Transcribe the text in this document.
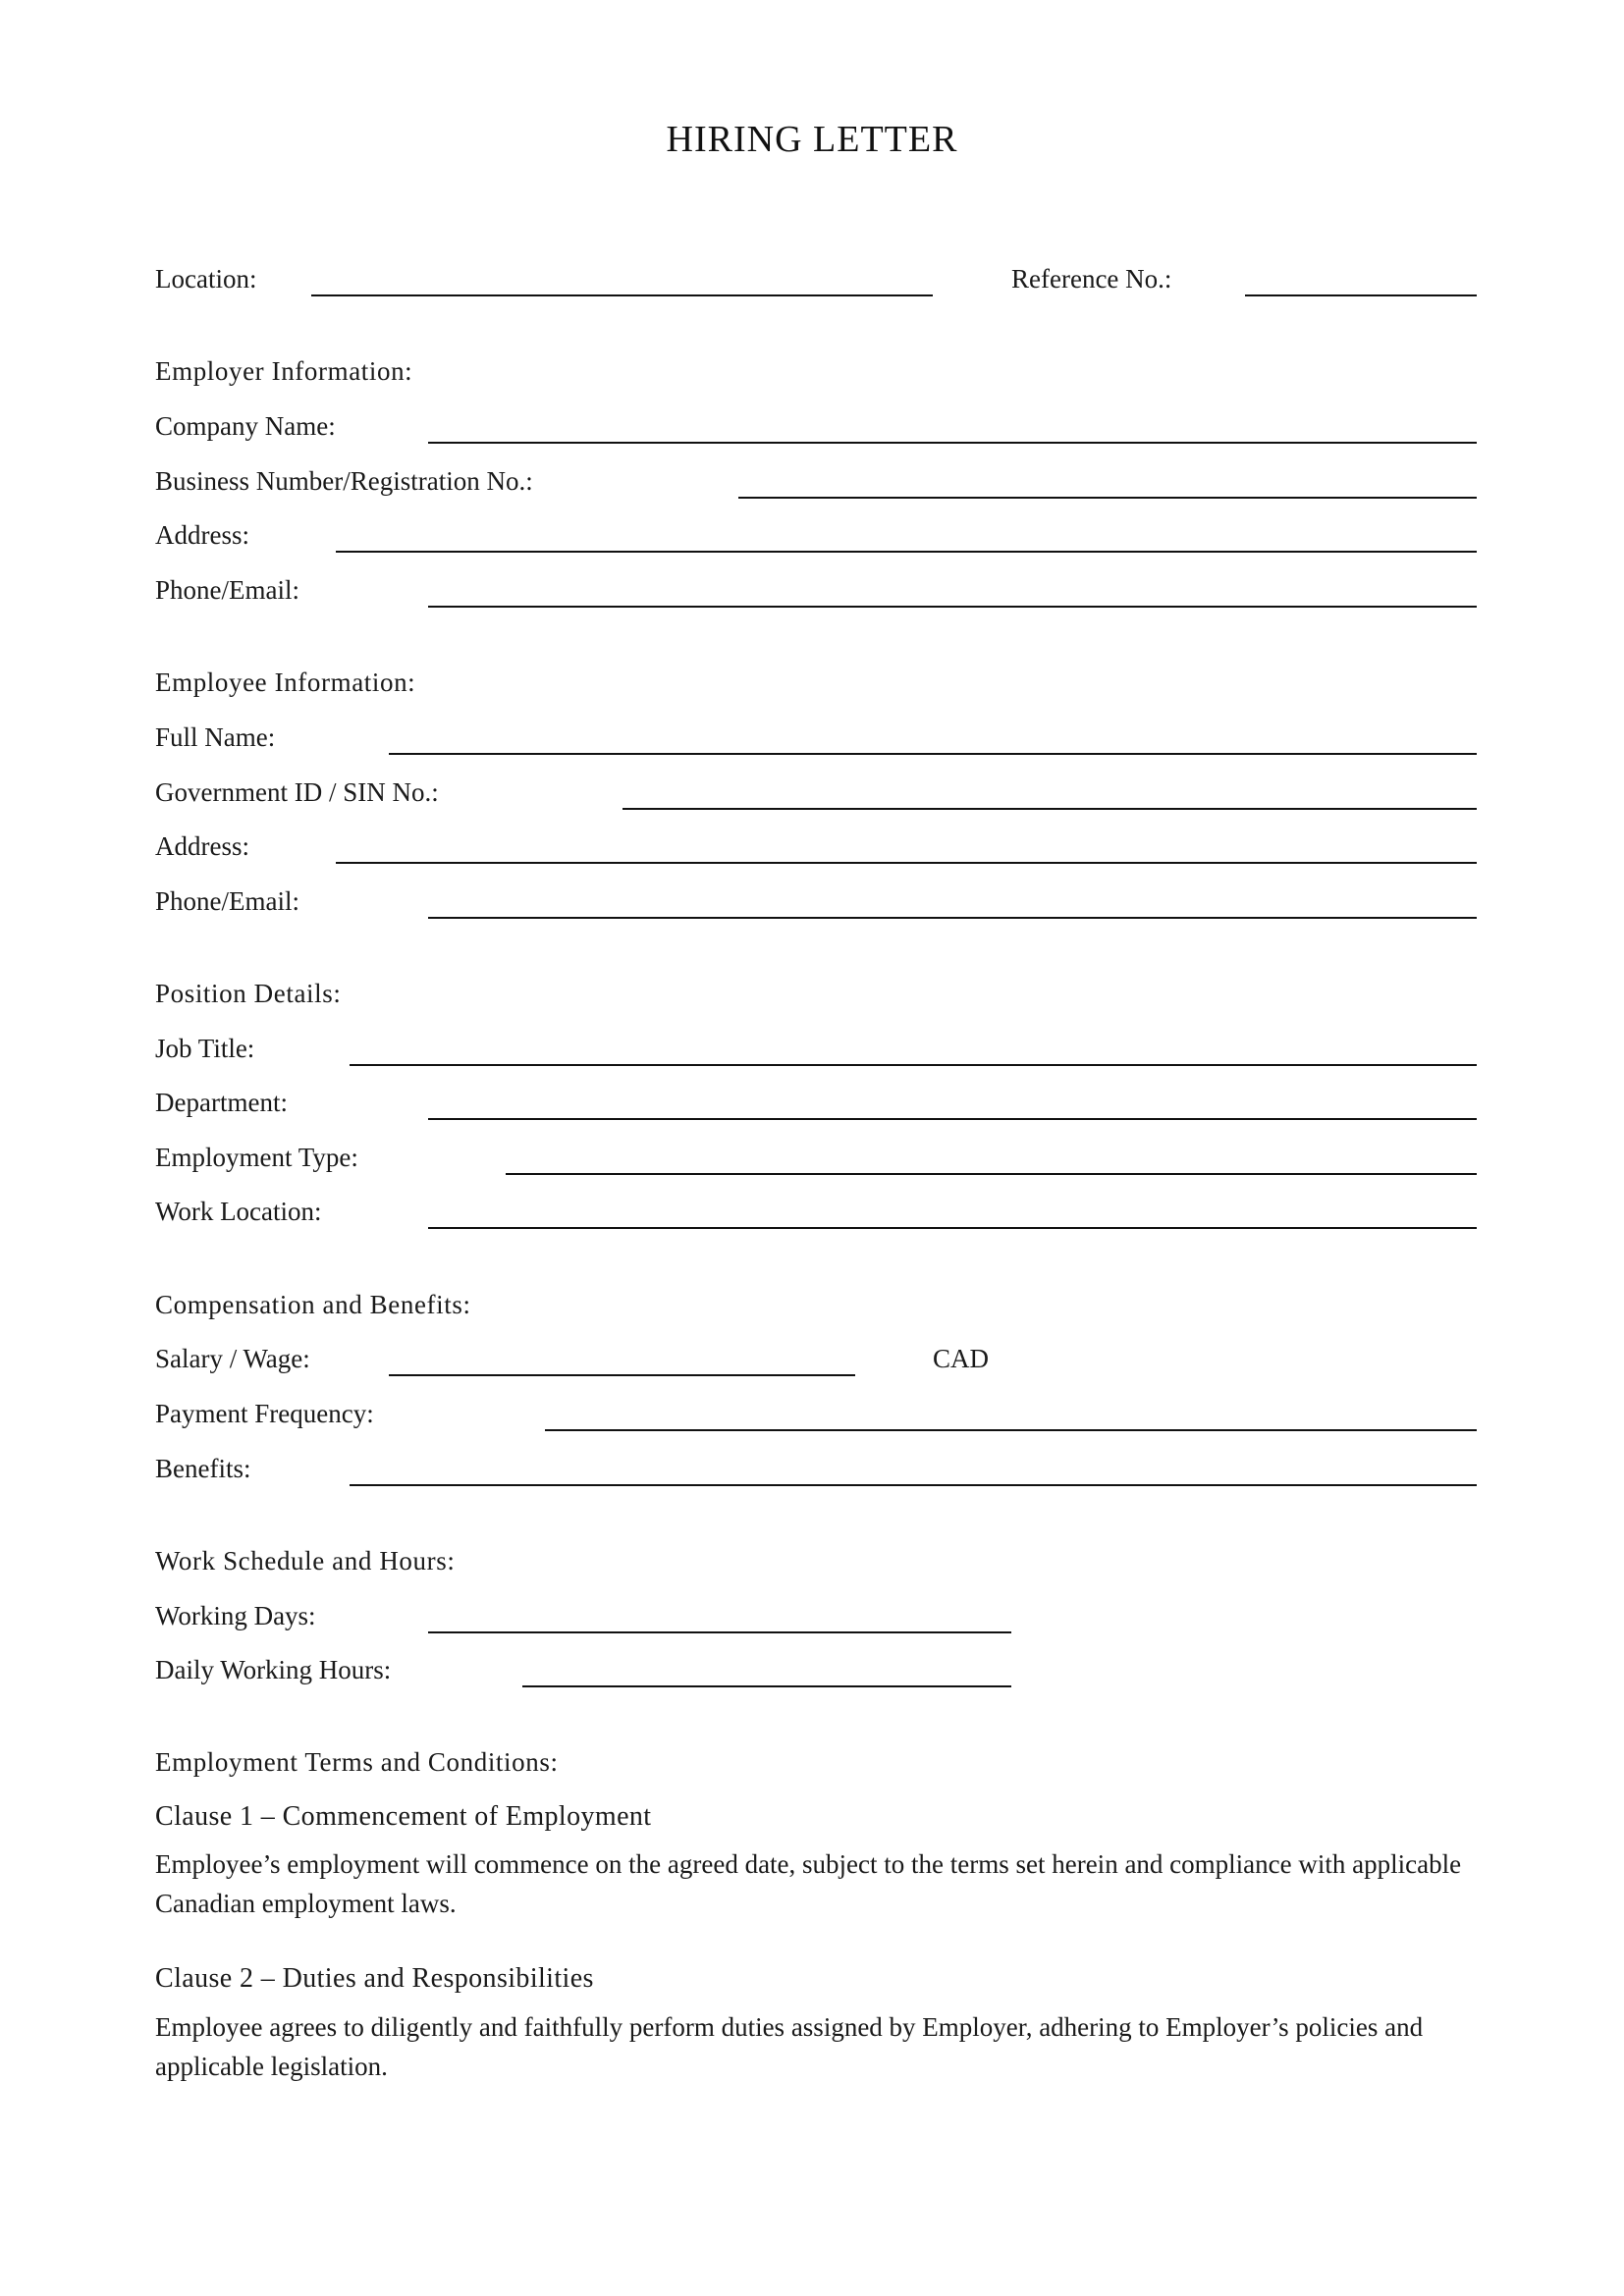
HIRING LETTER
Location:	Reference No.:
Employer Information:
Company Name:
Business Number/Registration No.:
Address:
Phone/Email:
Employee Information:
Full Name:
Government ID / SIN No.:
Address:
Phone/Email:
Position Details:
Job Title:
Department:
Employment Type:
Work Location:
Compensation and Benefits:
Salary / Wage:	CAD
Payment Frequency:
Benefits:
Work Schedule and Hours:
Working Days:
Daily Working Hours:
Employment Terms and Conditions:
Clause 1 – Commencement of Employment
Employee’s employment will commence on the agreed date, subject to the terms set herein and compliance with applicable Canadian employment laws.
Clause 2 – Duties and Responsibilities
Employee agrees to diligently and faithfully perform duties assigned by Employer, adhering to Employer’s policies and applicable legislation.
